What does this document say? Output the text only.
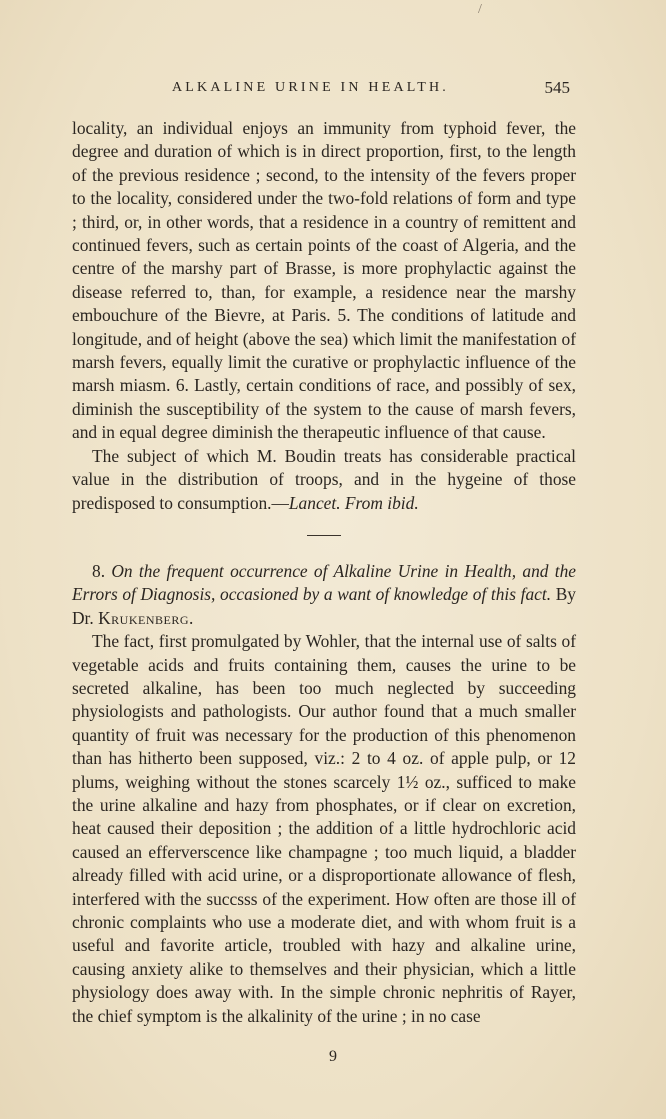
/
ALKALINE URINE IN HEALTH.	545

locality, an individual enjoys an immunity from typhoid fever, the degree and duration of which is in direct proportion, first, to the length of the previous residence ; second, to the intensity of the fevers proper to the locality, considered under the two-fold relations of form and type ; third, or, in other words, that a residence in a country of remittent and continued fevers, such as certain points of the coast of Algeria, and the centre of the marshy part of Brasse, is more prophylactic against the disease referred to, than, for example, a residence near the marshy embouchure of the Bievre, at Paris. 5. The conditions of latitude and longitude, and of height (above the sea) which limit the manifestation of marsh fevers, equally limit the curative or prophylactic influence of the marsh miasm. 6. Lastly, certain conditions of race, and possibly of sex, diminish the susceptibility of the system to the cause of marsh fevers, and in equal degree diminish the therapeutic influence of that cause.

The subject of which M. Boudin treats has considerable practical value in the distribution of troops, and in the hygeine of those predisposed to consumption.—Lancet. From ibid.

8. On the frequent occurrence of Alkaline Urine in Health, and the Errors of Diagnosis, occasioned by a want of knowledge of this fact. By Dr. Krukenberg.

The fact, first promulgated by Wohler, that the internal use of salts of vegetable acids and fruits containing them, causes the urine to be secreted alkaline, has been too much neglected by succeeding physiologists and pathologists. Our author found that a much smaller quantity of fruit was necessary for the production of this phenomenon than has hitherto been supposed, viz.: 2 to 4 oz. of apple pulp, or 12 plums, weighing without the stones scarcely 1½ oz., sufficed to make the urine alkaline and hazy from phosphates, or if clear on excretion, heat caused their deposition ; the addition of a little hydrochloric acid caused an efferverscence like champagne ; too much liquid, a bladder already filled with acid urine, or a disproportionate allowance of flesh, interfered with the succsss of the experiment. How often are those ill of chronic complaints who use a moderate diet, and with whom fruit is a useful and favorite article, troubled with hazy and alkaline urine, causing anxiety alike to themselves and their physician, which a little physiology does away with. In the simple chronic nephritis of Rayer, the chief symptom is the alkalinity of the urine ; in no case

9
